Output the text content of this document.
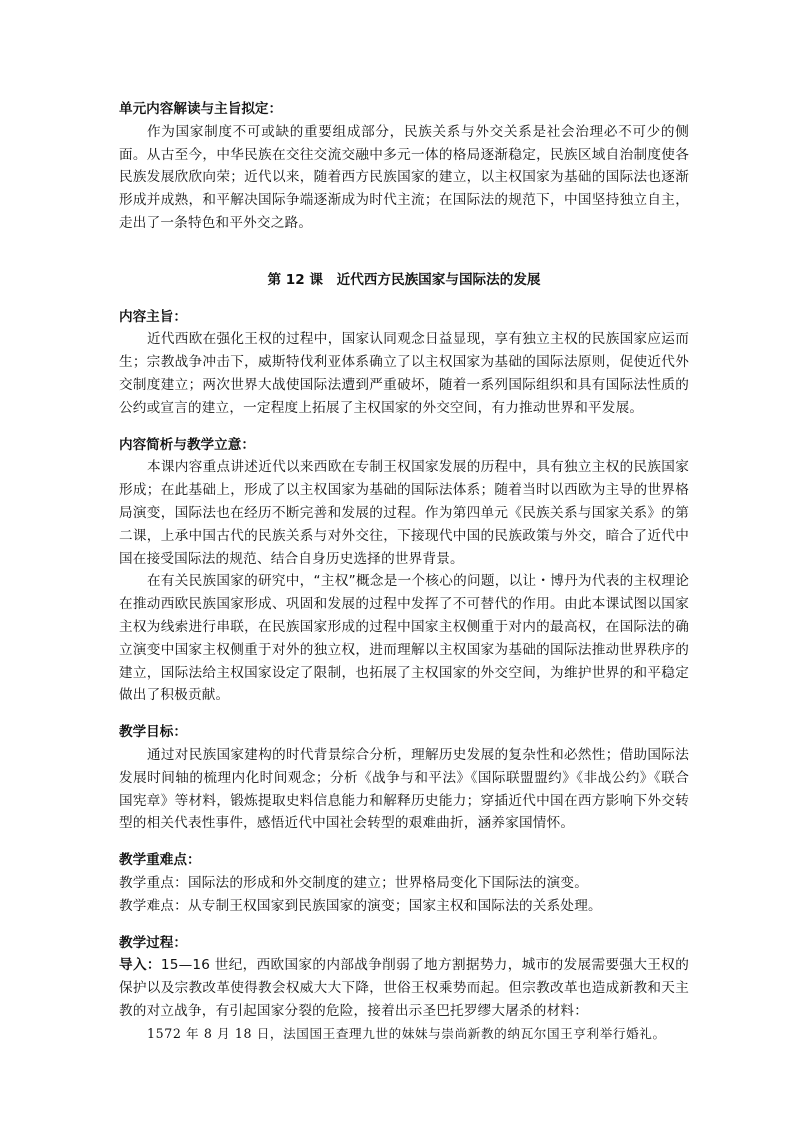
单元内容解读与主旨拟定：

作为国家制度不可或缺的重要组成部分，民族关系与外交关系是社会治理必不可少的侧面。从古至今，中华民族在交往交流交融中多元一体的格局逐渐稳定，民族区域自治制度使各民族发展欣欣向荣；近代以来，随着西方民族国家的建立，以主权国家为基础的国际法也逐渐形成并成熟，和平解决国际争端逐渐成为时代主流；在国际法的规范下，中国坚持独立自主，走出了一条特色和平外交之路。

第 12 课　近代西方民族国家与国际法的发展

内容主旨：

近代西欧在强化王权的过程中，国家认同观念日益显现，享有独立主权的民族国家应运而生；宗教战争冲击下，威斯特伐利亚体系确立了以主权国家为基础的国际法原则，促使近代外交制度建立；两次世界大战使国际法遭到严重破坏，随着一系列国际组织和具有国际法性质的公约或宣言的建立，一定程度上拓展了主权国家的外交空间，有力推动世界和平发展。

内容简析与教学立意：

本课内容重点讲述近代以来西欧在专制王权国家发展的历程中，具有独立主权的民族国家形成；在此基础上，形成了以主权国家为基础的国际法体系；随着当时以西欧为主导的世界格局演变，国际法也在经历不断完善和发展的过程。作为第四单元《民族关系与国家关系》的第二课，上承中国古代的民族关系与对外交往，下接现代中国的民族政策与外交，暗合了近代中国在接受国际法的规范、结合自身历史选择的世界背景。

在有关民族国家的研究中，“主权”概念是一个核心的问题，以让・博丹为代表的主权理论在推动西欧民族国家形成、巩固和发展的过程中发挥了不可替代的作用。由此本课试图以国家主权为线索进行串联，在民族国家形成的过程中国家主权侧重于对内的最高权，在国际法的确立演变中国家主权侧重于对外的独立权，进而理解以主权国家为基础的国际法推动世界秩序的建立，国际法给主权国家设定了限制，也拓展了主权国家的外交空间，为维护世界的和平稳定做出了积极贡献。

教学目标：

通过对民族国家建构的时代背景综合分析，理解历史发展的复杂性和必然性；借助国际法发展时间轴的梳理内化时间观念；分析《战争与和平法》《国际联盟盟约》《非战公约》《联合国宪章》等材料，锻炼提取史料信息能力和解释历史能力；穿插近代中国在西方影响下外交转型的相关代表性事件，感悟近代中国社会转型的艰难曲折，涵养家国情怀。

教学重难点：

教学重点：国际法的形成和外交制度的建立；世界格局变化下国际法的演变。

教学难点：从专制王权国家到民族国家的演变；国家主权和国际法的关系处理。

教学过程：

导入：15—16 世纪，西欧国家的内部战争削弱了地方割据势力，城市的发展需要强大王权的保护以及宗教改革使得教会权威大大下降，世俗王权乘势而起。但宗教改革也造成新教和天主教的对立战争，有引起国家分裂的危险，接着出示圣巴托罗缪大屠杀的材料：

1572 年 8 月 18 日，法国国王查理九世的妹妹与崇尚新教的纳瓦尔国王亨利举行婚礼。
